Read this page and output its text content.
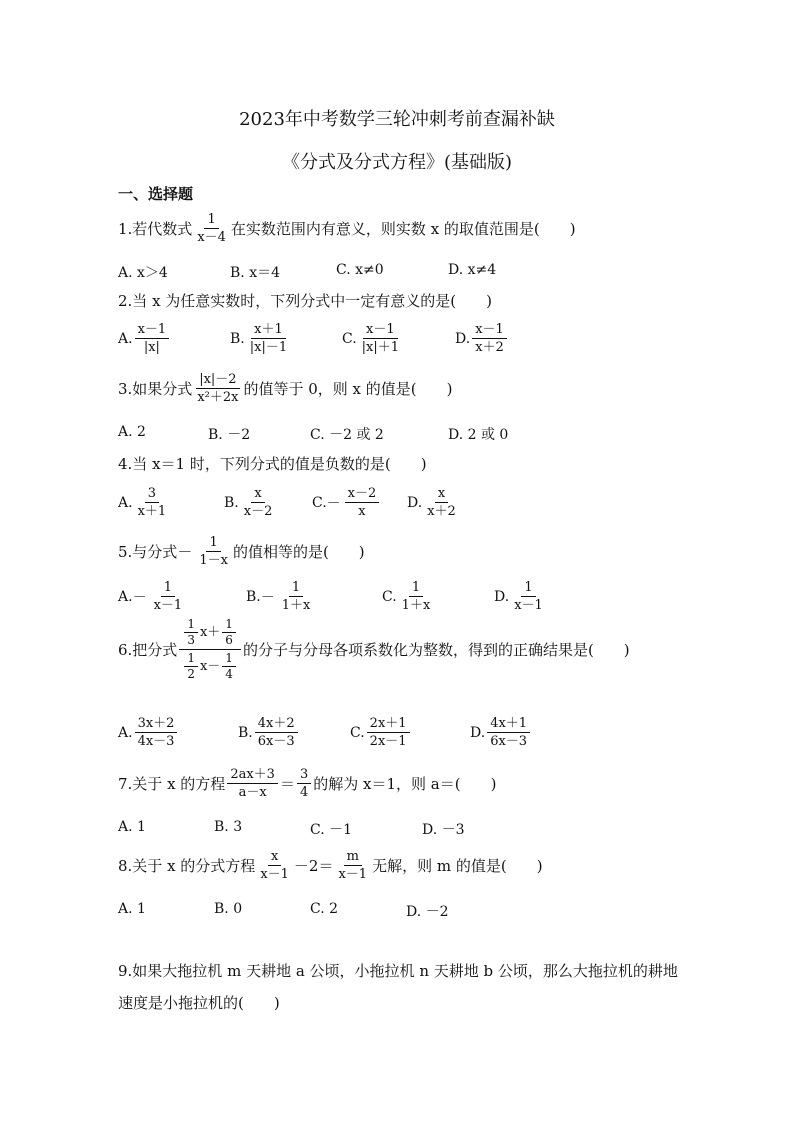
2023年中考数学三轮冲刺考前查漏补缺
《分式及分式方程》(基础版)
一、选择题
1.若代数式 $\frac{1}{x-4}$ 在实数范围内有意义，则实数 x 的取值范围是(　　)
A. x＞4	B. x＝4	C. x≠0	D. x≠4
2.当 x 为任意实数时，下列分式中一定有意义的是(　　)
A. $\frac{x-1}{|x|}$	B. $\frac{x+1}{|x|-1}$	C. $\frac{x-1}{|x|+1}$	D. $\frac{x-1}{x+2}$
3.如果分式 $\frac{|x|-2}{\text{x²＋2x}}$ 的值等于 0，则 x 的值是(　　)
A. 2	B. －2	C. －2 或 2	D. 2 或 0
4.当 x＝1 时，下列分式的值是负数的是(　　)
A. $\frac{3}{x+1}$	B. $\frac{x}{x-2}$	C. － $\frac{x-2}{x} D$. $\frac{x}{x+2}$
5.与分式 － $\frac{1}{1-x}$ 的值相等的是(　　)
A. － $\frac{1}{x-1}$	B. － $\frac{1}{1+x}$	C. $\frac{1}{1+x}$	D. $\frac{1}{x-1}$
6.把分式 $\frac{\frac{1}{3} x+ \frac{1}{6}}{\frac{1}{2} x- \frac{1}{4}}$ 的分子与分母各项系数化为整数，得到的正确结果是(　　)
A. $\frac{3x+2}{4x-3}$	B. $\frac{4x+2}{6x-3}$	C. $\frac{2x+1}{2x-1}$	D. $\frac{4x+1}{6x-3}$
7.关于 x 的方程 $\frac{2ax+3}{a-x} = \frac{3}{4}$ 的解为 x＝1，则 a＝(　　)
A. 1	B. 3	C. －1	D. －3
8.关于 x 的分式方程 $\frac{x}{x-1} -2= \frac{m}{x-1}$ 无解，则 m 的值是(　　)
A. 1	B. 0	C. 2	D. －2
9.如果大拖拉机 m 天耕地 a 公顷，小拖拉机 n 天耕地 b 公顷，那么大拖拉机的耕地
速度是小拖拉机的(　　)
